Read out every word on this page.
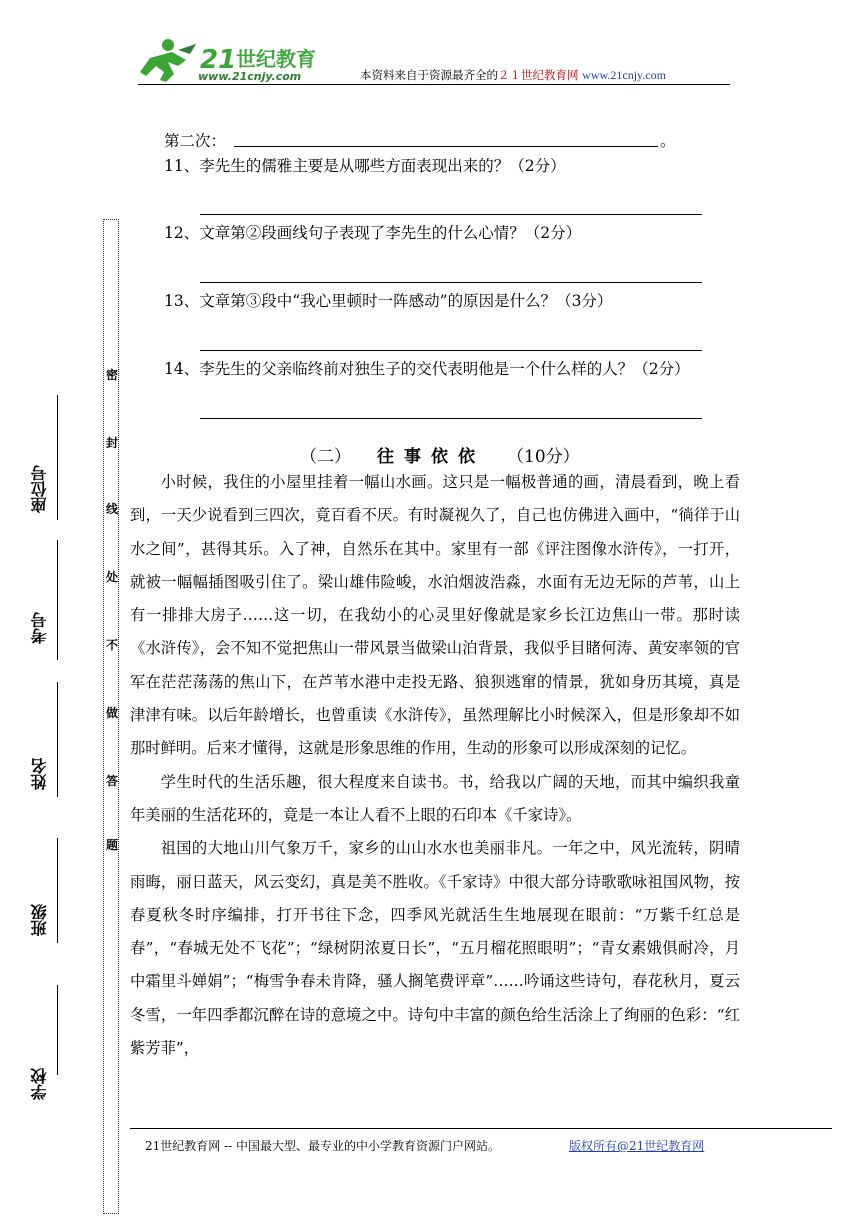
21 世纪教育
www.21cnjy.com	本资料来自于资源最齐全的２１世纪教育网 www.21cnjy.com
第二次：	。
11、李先生的儒雅主要是从哪些方面表现出来的？（2分）
12、文章第②段画线句子表现了李先生的什么心情？（2分）
13、文章第③段中“我心里顿时一阵感动”的原因是什么？（3分）
14、李先生的父亲临终前对独生子的交代表明他是一个什么样的人？（2分）
（二） 往事依依 （10分）

小时候，我住的小屋里挂着一幅山水画。这只是一幅极普通的画，清晨看到，晚上看到，一天少说看到三四次，竟百看不厌。有时凝视久了，自己也仿佛进入画中，“徜徉于山水之间”，甚得其乐。入了神，自然乐在其中。家里有一部《评注图像水浒传》，一打开，就被一幅幅插图吸引住了。梁山雄伟险峻，水泊烟波浩淼，水面有无边无际的芦苇，山上有一排排大房子……这一切，在我幼小的心灵里好像就是家乡长江边焦山一带。那时读《水浒传》，会不知不觉把焦山一带风景当做梁山泊背景，我似乎目睹何涛、黄安率领的官军在茫茫荡荡的焦山下，在芦苇水港中走投无路、狼狈逃窜的情景，犹如身历其境，真是津津有味。以后年龄增长，也曾重读《水浒传》，虽然理解比小时候深入，但是形象却不如那时鲜明。后来才懂得，这就是形象思维的作用，生动的形象可以形成深刻的记忆。

学生时代的生活乐趣，很大程度来自读书。书，给我以广阔的天地，而其中编织我童年美丽的生活花环的，竟是一本让人看不上眼的石印本《千家诗》。

祖国的大地山川气象万千，家乡的山山水水也美丽非凡。一年之中，风光流转，阴晴雨晦，丽日蓝天，风云变幻，真是美不胜收。《千家诗》中很大部分诗歌歌咏祖国风物，按春夏秋冬时序编排，打开书往下念，四季风光就活生生地展现在眼前：“万紫千红总是春”，“春城无处不飞花”；“绿树阴浓夏日长”，“五月榴花照眼明”；“青女素娥俱耐冷，月中霜里斗婵娟”；“梅雪争春未肯降，骚人搁笔费评章”……吟诵这些诗句，春花秋月，夏云冬雪，一年四季都沉醉在诗的意境之中。诗句中丰富的颜色给生活涂上了绚丽的色彩：“红紫芳菲”，

密
封
线
处
不
做
答
题
座位号
考号
姓名
班级
学校
21世纪教育网 -- 中国最大型、最专业的中小学教育资源门户网站。	版权所有@21世纪教育网
